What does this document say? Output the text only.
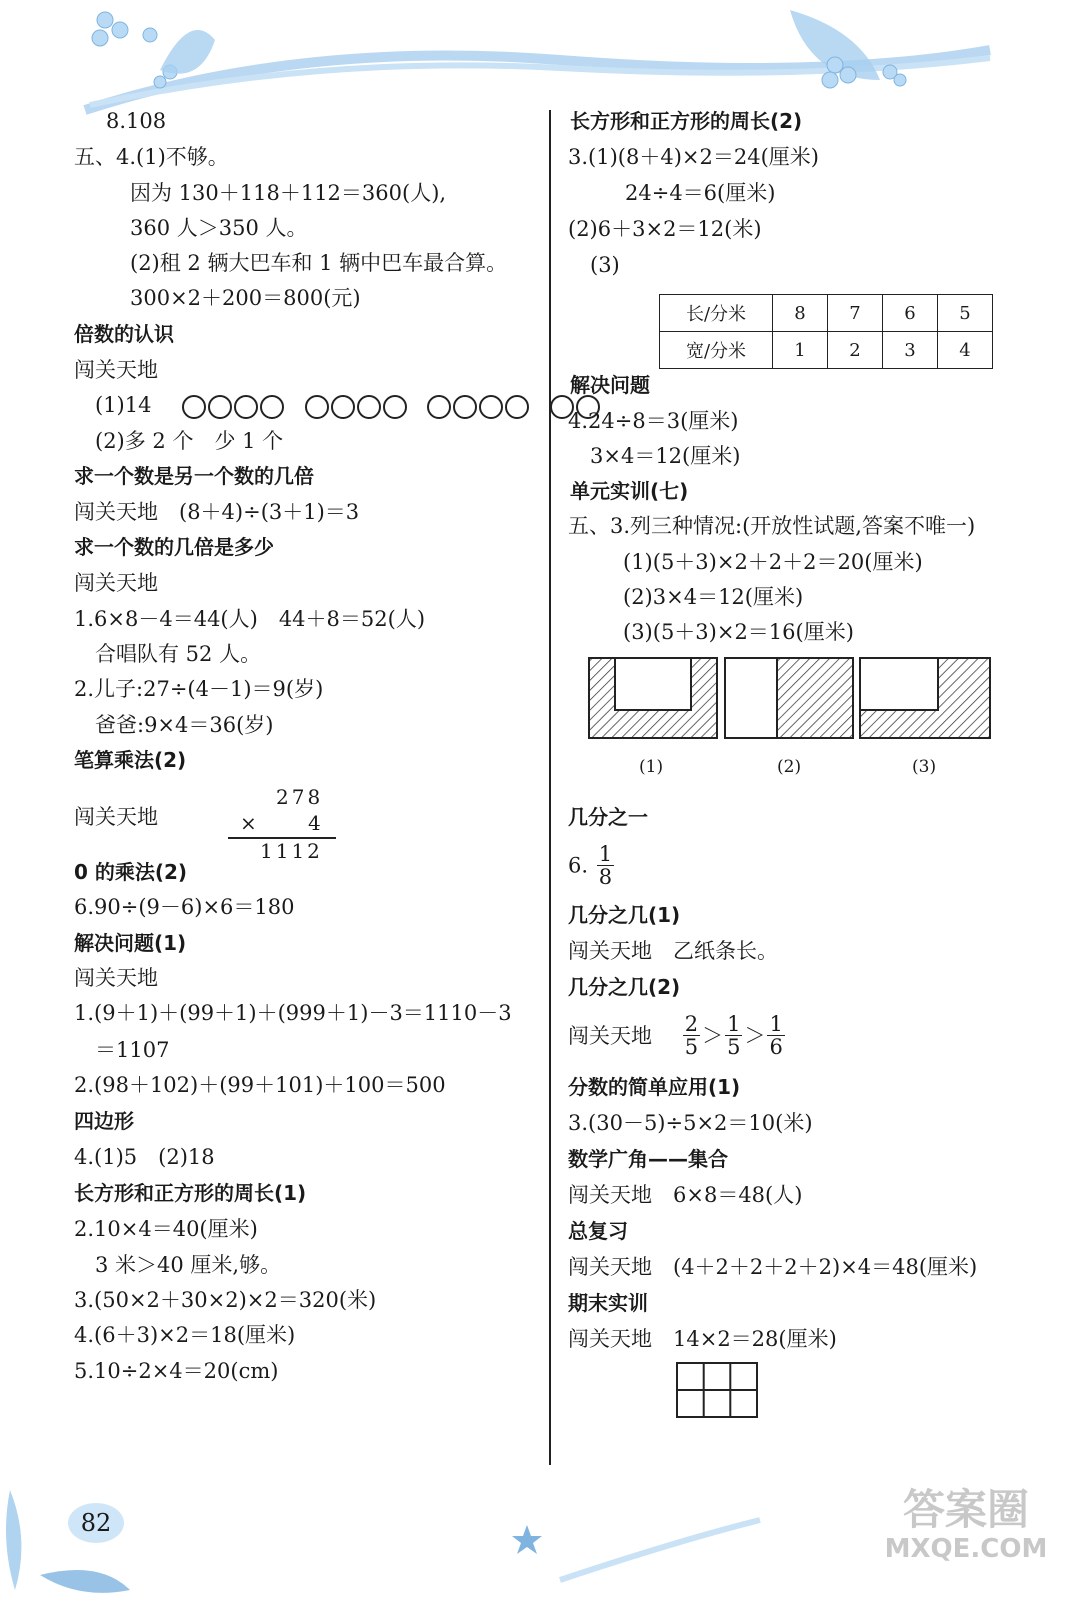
8.108
五、4.(1)不够。
因为 130＋118＋112＝360(人),
360 人＞350 人。
(2)租 2 辆大巴车和 1 辆中巴车最合算。
300×2＋200＝800(元)
倍数的认识
闯关天地
(1)14
(2)多 2 个　少 1 个
求一个数是另一个数的几倍
闯关天地　(8＋4)÷(3＋1)＝3
求一个数的几倍是多少
闯关天地
1.6×8－4＝44(人)　44＋8＝52(人)
合唱队有 52 人。
2.儿子:27÷(4－1)＝9(岁)
爸爸:9×4＝36(岁)
笔算乘法(2)
闯关天地
278
× 4
1112
0 的乘法(2)
6.90÷(9－6)×6＝180
解决问题(1)
闯关天地
1.(9＋1)＋(99＋1)＋(999＋1)－3＝1110－3
＝1107
2.(98＋102)＋(99＋101)＋100＝500
四边形
4.(1)5　(2)18
长方形和正方形的周长(1)
2.10×4＝40(厘米)
3 米＞40 厘米,够。
3.(50×2＋30×2)×2＝320(米)
4.(6＋3)×2＝18(厘米)
5.10÷2×4＝20(cm)
长方形和正方形的周长(2)
3.(1)(8＋4)×2＝24(厘米)
24÷4＝6(厘米)
(2)6＋3×2＝12(米)
(3)
长/分米	8	7	6	5
宽/分米	1	2	3	4
解决问题
4.24÷8＝3(厘米)
3×4＝12(厘米)
单元实训(七)
五、3.列三种情况:(开放性试题,答案不唯一)
(1)(5＋3)×2＋2＋2＝20(厘米)
(2)3×4＝12(厘米)
(3)(5＋3)×2＝16(厘米)
(1)	(2)	(3)
几分之一
6. $\frac{1}{8}$
几分之几(1)
闯关天地　乙纸条长。
几分之几(2)
闯关天地 $\frac{2}{5} > \frac{1}{5} > \frac{1}{6}$
分数的简单应用(1)
3.(30－5)÷5×2＝10(米)
数学广角——集合
闯关天地　6×8＝48(人)
总复习
闯关天地　(4＋2＋2＋2＋2)×4＝48(厘米)
期末实训
闯关天地　14×2＝28(厘米)
82	答案圈
MXQE.COM
